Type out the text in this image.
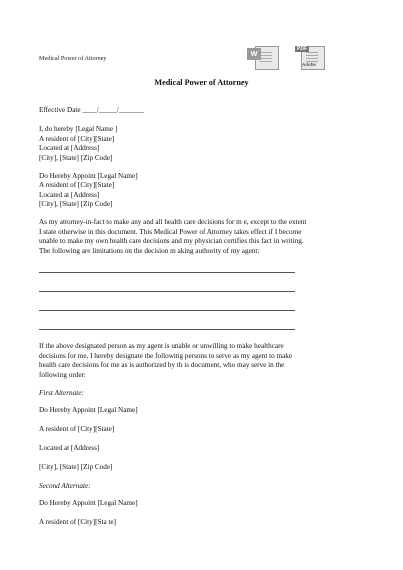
Medical Power of Attorney
W
PDF
Adobe
Medical Power of Attorney
Effective Date ____/_____/_______
I, do hereby [Legal Name ]
A resident of [City][State]
Located at [Address]
[City], [State] [Zip Code]
Do Hereby Appoint [Legal Name]
A resident of [City][State]
Located at [Address]
[City], [State] [Zip Code]
As my attorney-in-fact to make any and all health care decisions for m e, except to the extent
I state otherwise in this document. This Medical Power of Attorney takes effect if I become
unable to make my own health care decisions and my physician certifies this fact in writing.
The following are limitations on the decision m aking authority of my agent:
If the above designated person as my agent is unable or unwilling to make healthcare
decisions for me, I hereby designate the following persons to serve as my agent to make
health care decisions for me as is authorized by th is document, who may serve in the
following order:
First Alternate:
Do Hereby Appoint [Legal Name]
A resident of [City][State]
Located at [Address]
[City], [State] [Zip Code]
Second Alternate:
Do Hereby Appoint [Legal Name]
A resident of [City][Sta te]
